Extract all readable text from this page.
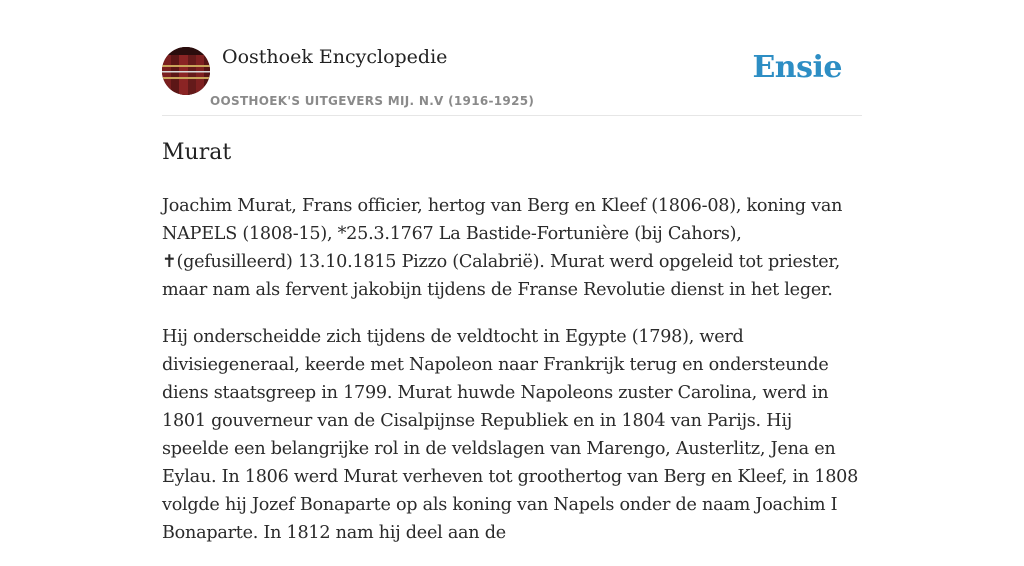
Oosthoek Encyclopedie
OOSTHOEK'S UITGEVERS MIJ. N.V (1916-1925)
Ensie
Murat

Joachim Murat, Frans officier, hertog van Berg en Kleef (1806-08), koning van NAPELS (1808-15), *25.3.1767 La Bastide-Fortunière (bij Cahors), ✝(gefusilleerd) 13.10.1815 Pizzo (Calabrië). Murat werd opgeleid tot priester, maar nam als fervent jakobijn tijdens de Franse Revolutie dienst in het leger.

Hij onderscheidde zich tijdens de veldtocht in Egypte (1798), werd divisiegeneraal, keerde met Napoleon naar Frankrijk terug en ondersteunde diens staatsgreep in 1799. Murat huwde Napoleons zuster Carolina, werd in 1801 gouverneur van de Cisalpijnse Republiek en in 1804 van Parijs. Hij speelde een belangrijke rol in de veldslagen van Marengo, Austerlitz, Jena en Eylau. In 1806 werd Murat verheven tot groothertog van Berg en Kleef, in 1808 volgde hij Jozef Bonaparte op als koning van Napels onder de naam Joachim I Bonaparte. In 1812 nam hij deel aan de
